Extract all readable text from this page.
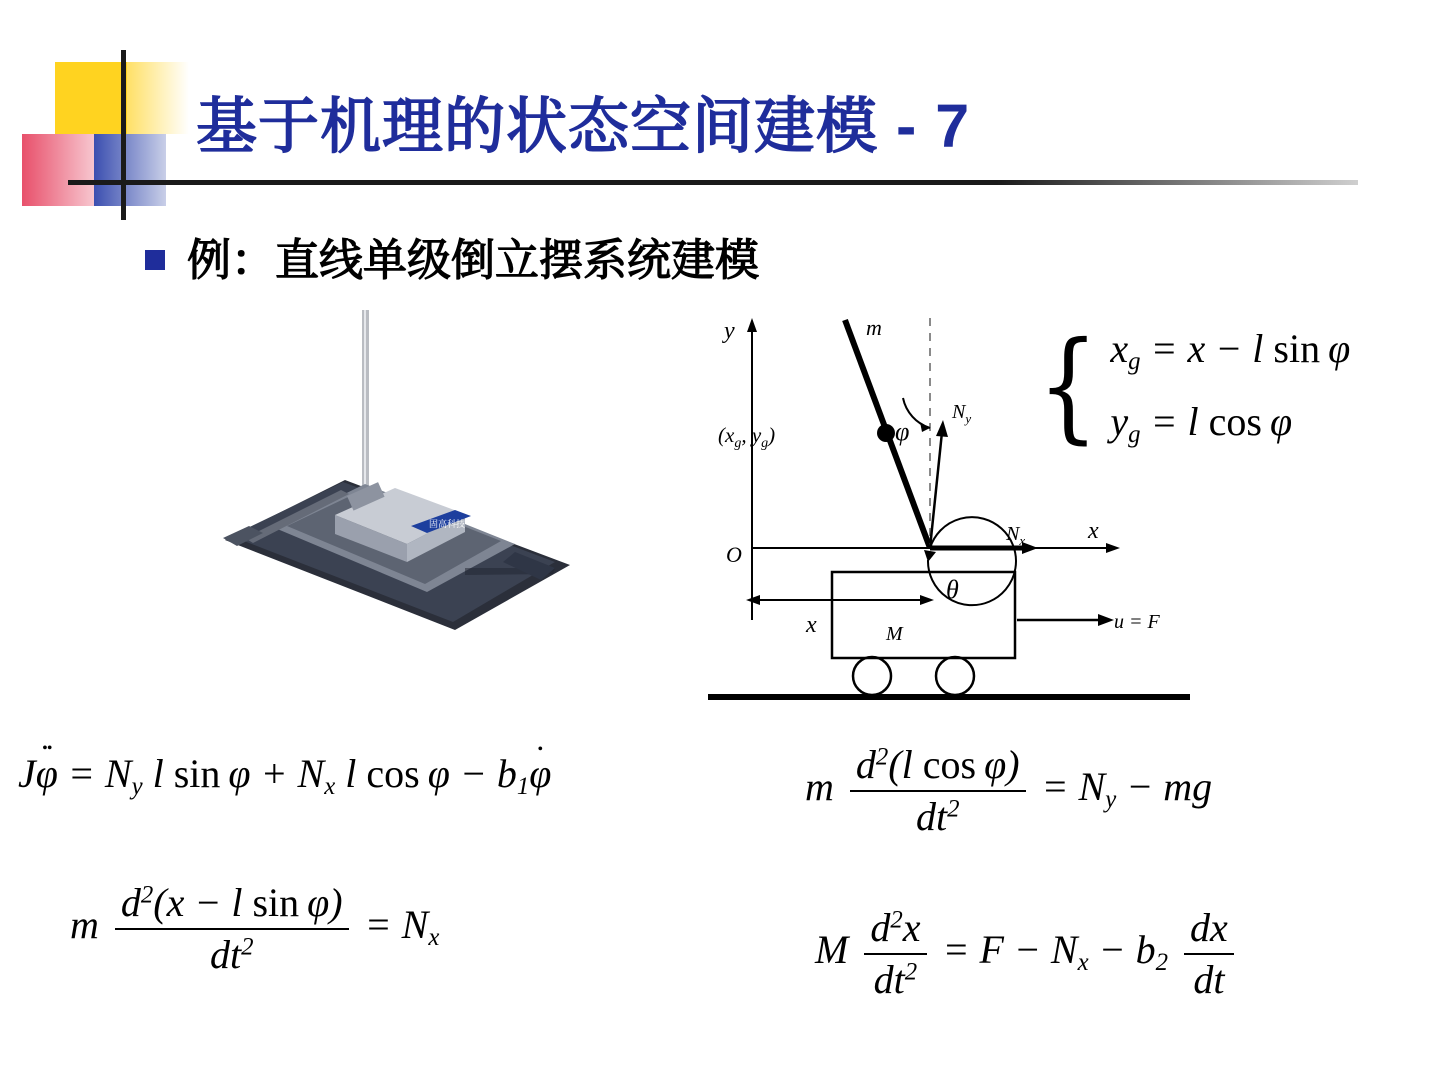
基于机理的状态空间建模 - 7
例：直线单级倒立摆系统建模
固高科技
y
x
O
m
($x_g$, $y_g$)
$N_y$
φ
$N_x$
θ
M
x	u = F
{ $x_g = x - l$ sin φ
$y_g = l$ cos φ
Jφ •• = $N_y$ l $\sin \varphi + N_x$ l $\cos \varphi - b_1\varphi$ •	m $\frac{d^2(l \cos \varphi)}{dt^2} = N_y$ − mg
m $\frac{d^2(x - l \sin \varphi)}{dt^2} = N_x$	M $\frac{d^2x}{dt^2} = F - N_x - b_2 \frac{dx}{dt}$
